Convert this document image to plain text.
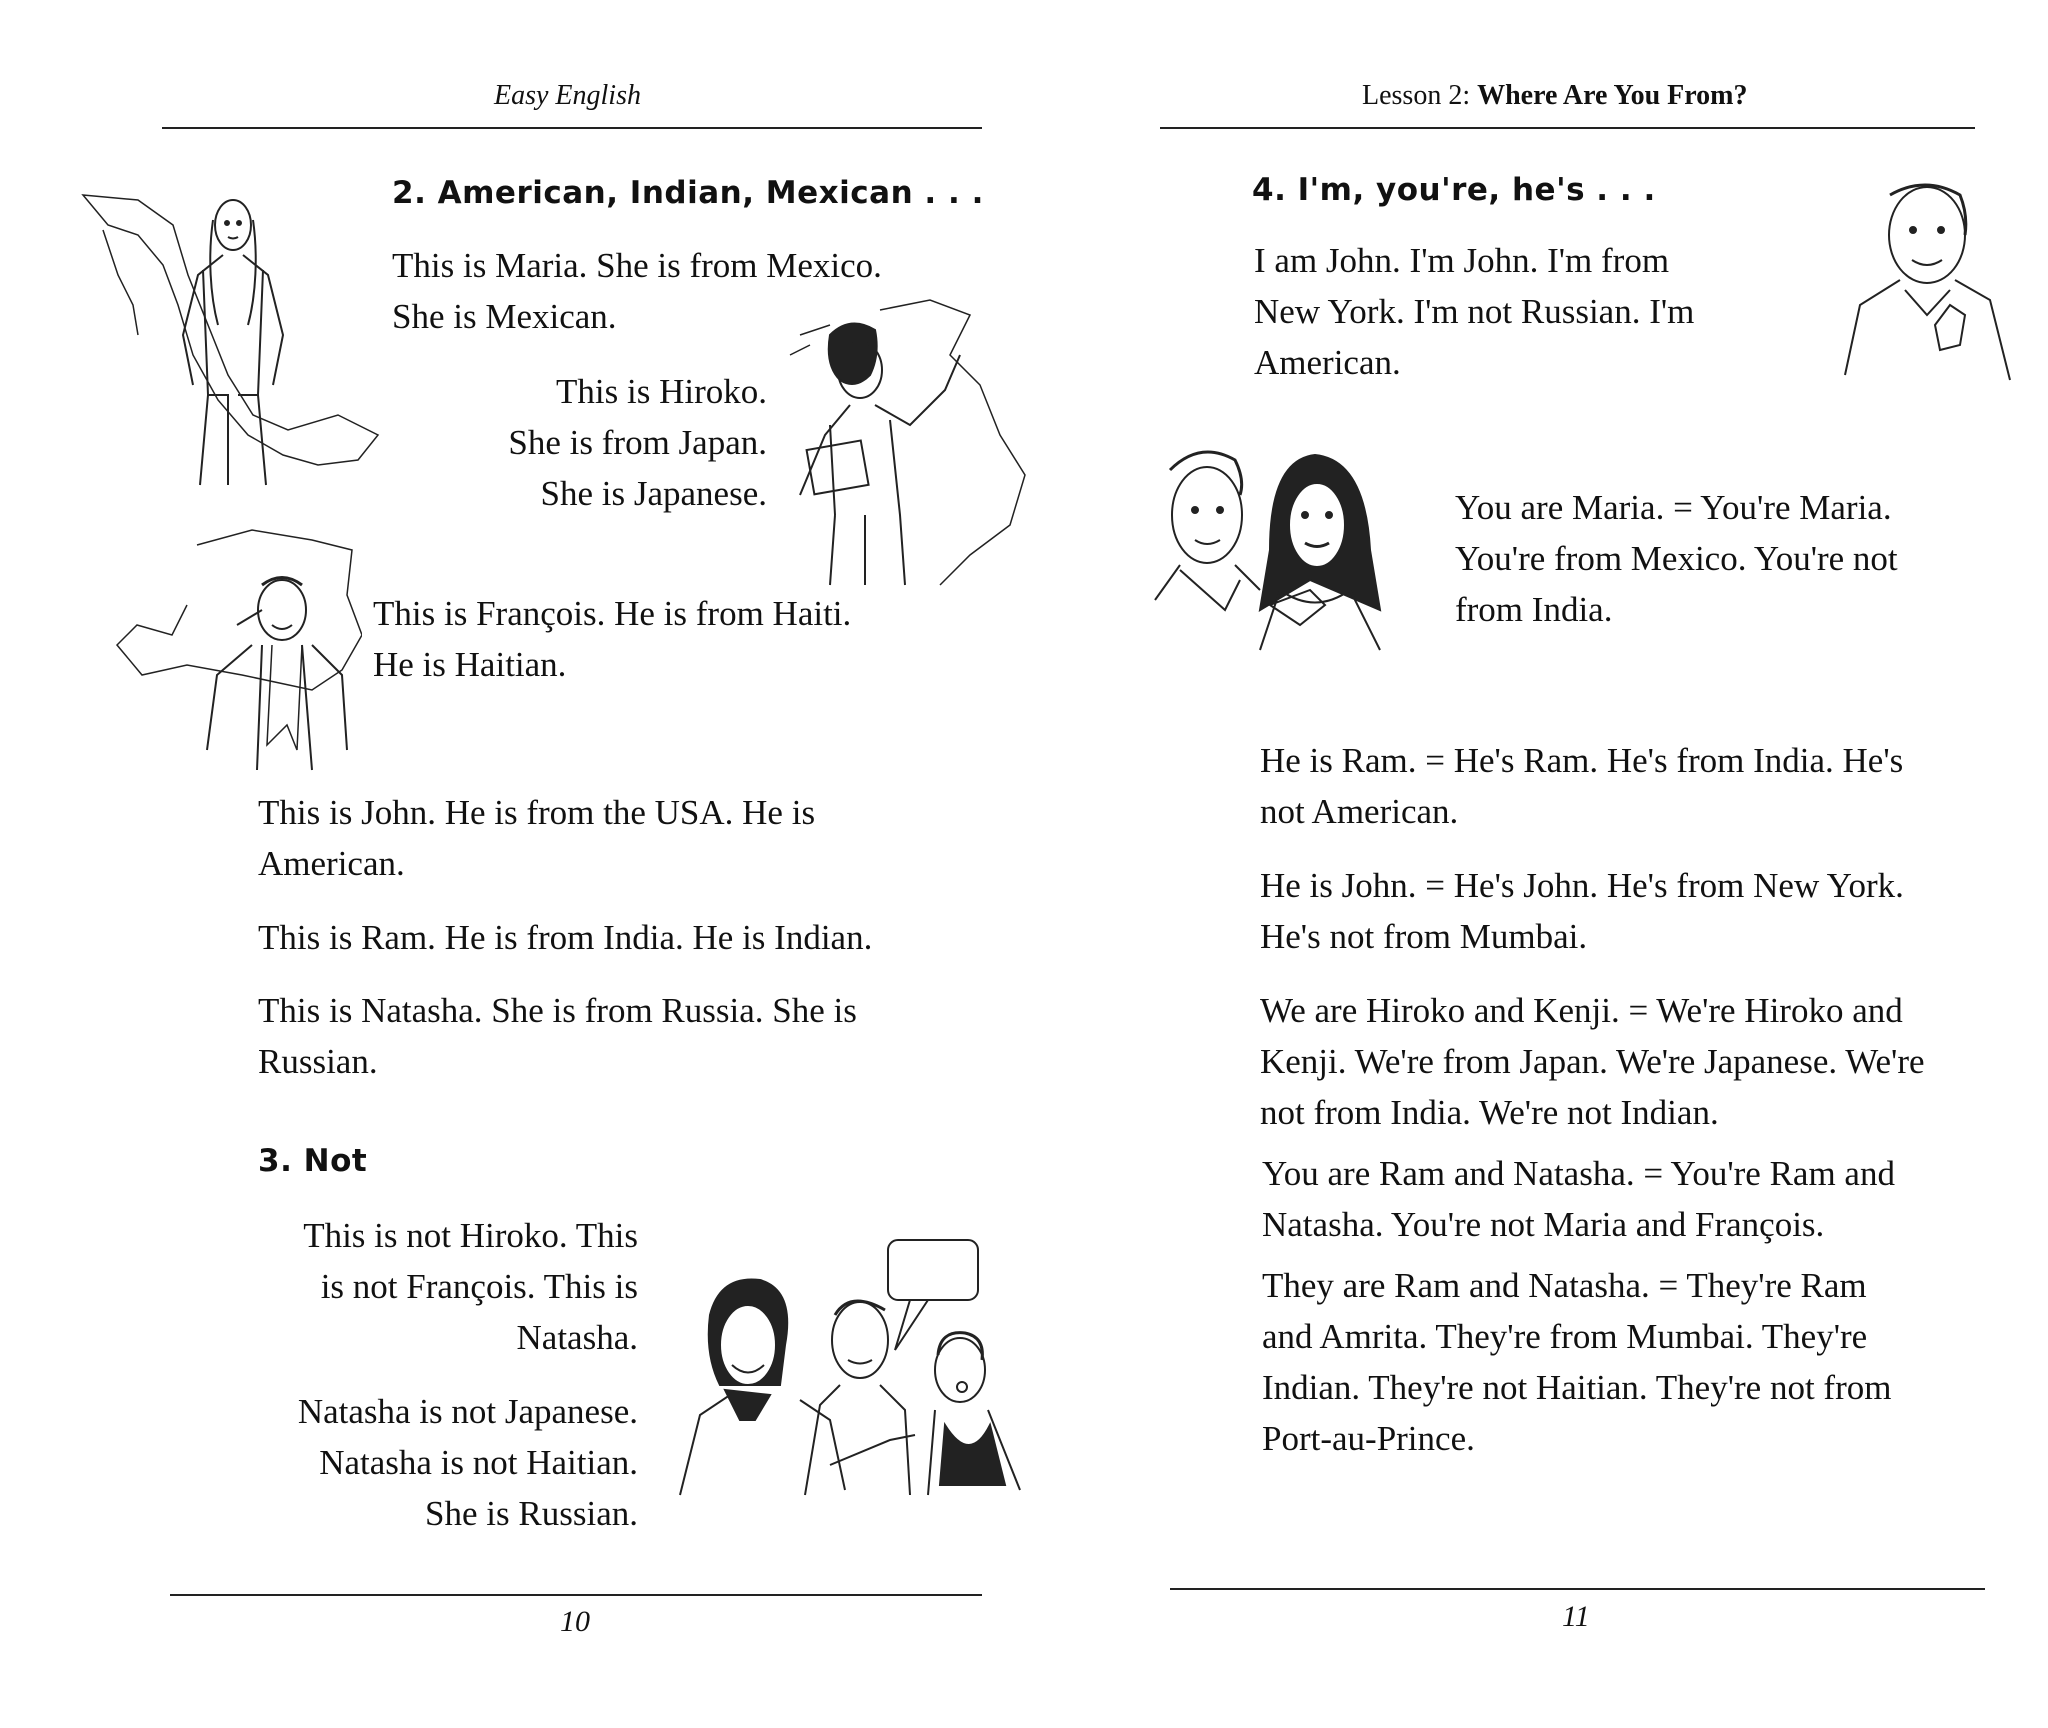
Easy English
2. American, Indian, Mexican . . .

This is Maria. She is from Mexico.

She is Mexican.

This is Hiroko.

She is from Japan.

She is Japanese.

This is François. He is from Haiti.

He is Haitian.

This is John. He is from the USA. He is

American.

This is Ram. He is from India. He is Indian.

This is Natasha. She is from Russia. She is

Russian.

3. Not

This is not Hiroko. This

is not François. This is

Natasha.

Natasha is not Japanese.

Natasha is not Haitian.

She is Russian.

10
Lesson 2: Where Are You From?
4. I'm, you're, he's . . .

I am John. I'm John. I'm from

New York. I'm not Russian. I'm

American.

You are Maria. = You're Maria.

You're from Mexico. You're not

from India.

He is Ram. = He's Ram. He's from India. He's

not American.

He is John. = He's John. He's from New York.

He's not from Mumbai.

We are Hiroko and Kenji. = We're Hiroko and

Kenji. We're from Japan. We're Japanese. We're

not from India. We're not Indian.

You are Ram and Natasha. = You're Ram and

Natasha. You're not Maria and François.

They are Ram and Natasha. = They're Ram

and Amrita. They're from Mumbai. They're

Indian. They're not Haitian. They're not from

Port-au-Prince.

11
